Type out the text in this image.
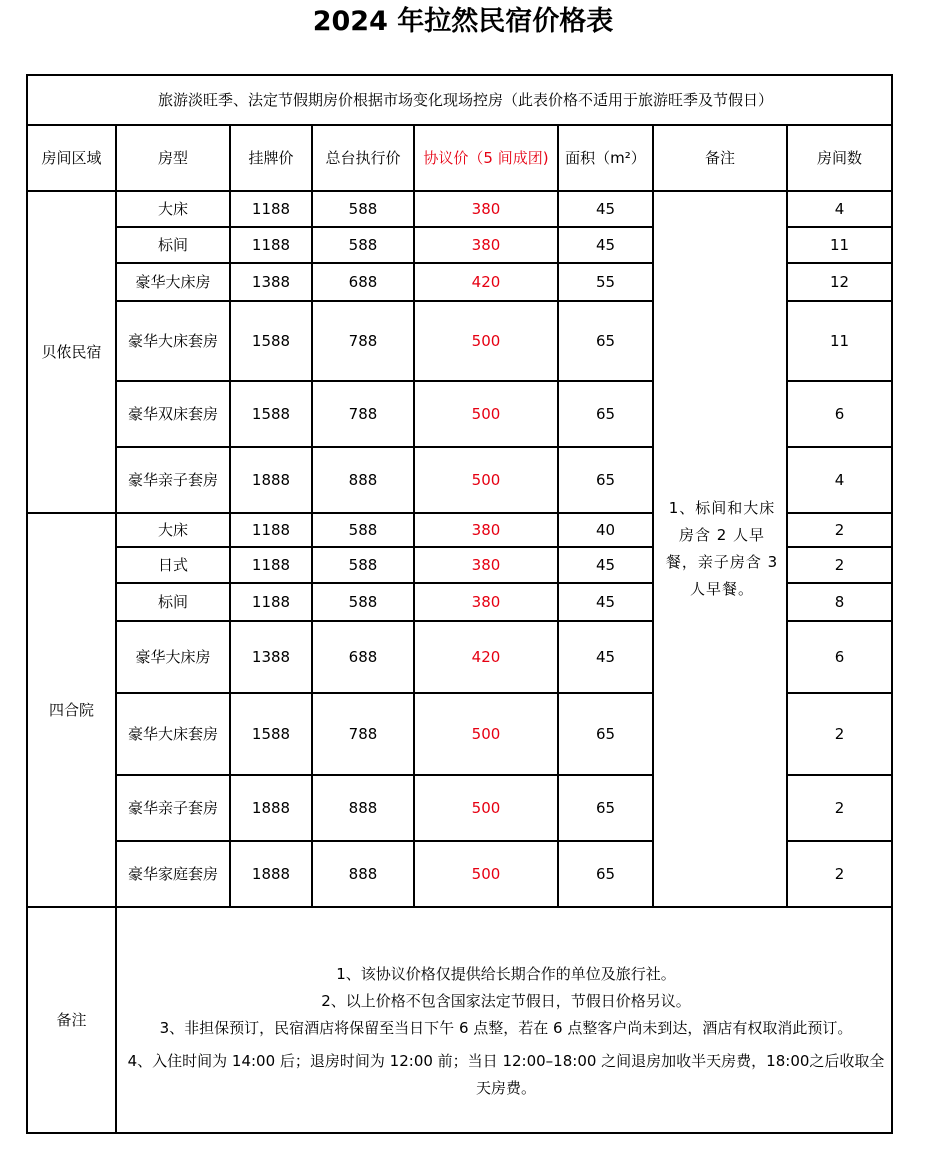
2024 年拉然民宿价格表
旅游淡旺季、法定节假期房价根据市场变化现场控房（此表价格不适用于旅游旺季及节假日）							
房间区域	房型	挂牌价	总台执行价	协议价（5 间成团)	面积（m²）	备注	房间数
贝侬民宿	大床	1188	588	380	45	1、标间和大床房含 2 人早餐，亲子房含 3 人早餐。	4
	标间	1188	588	380	45		11
	豪华大床房	1388	688	420	55		12
	豪华大床套房	1588	788	500	65		11
	豪华双床套房	1588	788	500	65		6
	豪华亲子套房	1888	888	500	65		4
四合院	大床	1188	588	380	40		2
	日式	1188	588	380	45		2
	标间	1188	588	380	45		8
	豪华大床房	1388	688	420	45		6
	豪华大床套房	1588	788	500	65		2
	豪华亲子套房	1888	888	500	65		2
	豪华家庭套房	1888	888	500	65		2
备注	1、该协议价格仅提供给长期合作的单位及旅行社。

2、以上价格不包含国家法定节假日，节假日价格另议。

3、非担保预订，民宿酒店将保留至当日下午 6 点整，若在 6 点整客户尚未到达，酒店有权取消此预订。

4、入住时间为 14:00 后；退房时间为 12:00 前；当日 12:00–18:00 之间退房加收半天房费，18:00之后收取全天房费。						
